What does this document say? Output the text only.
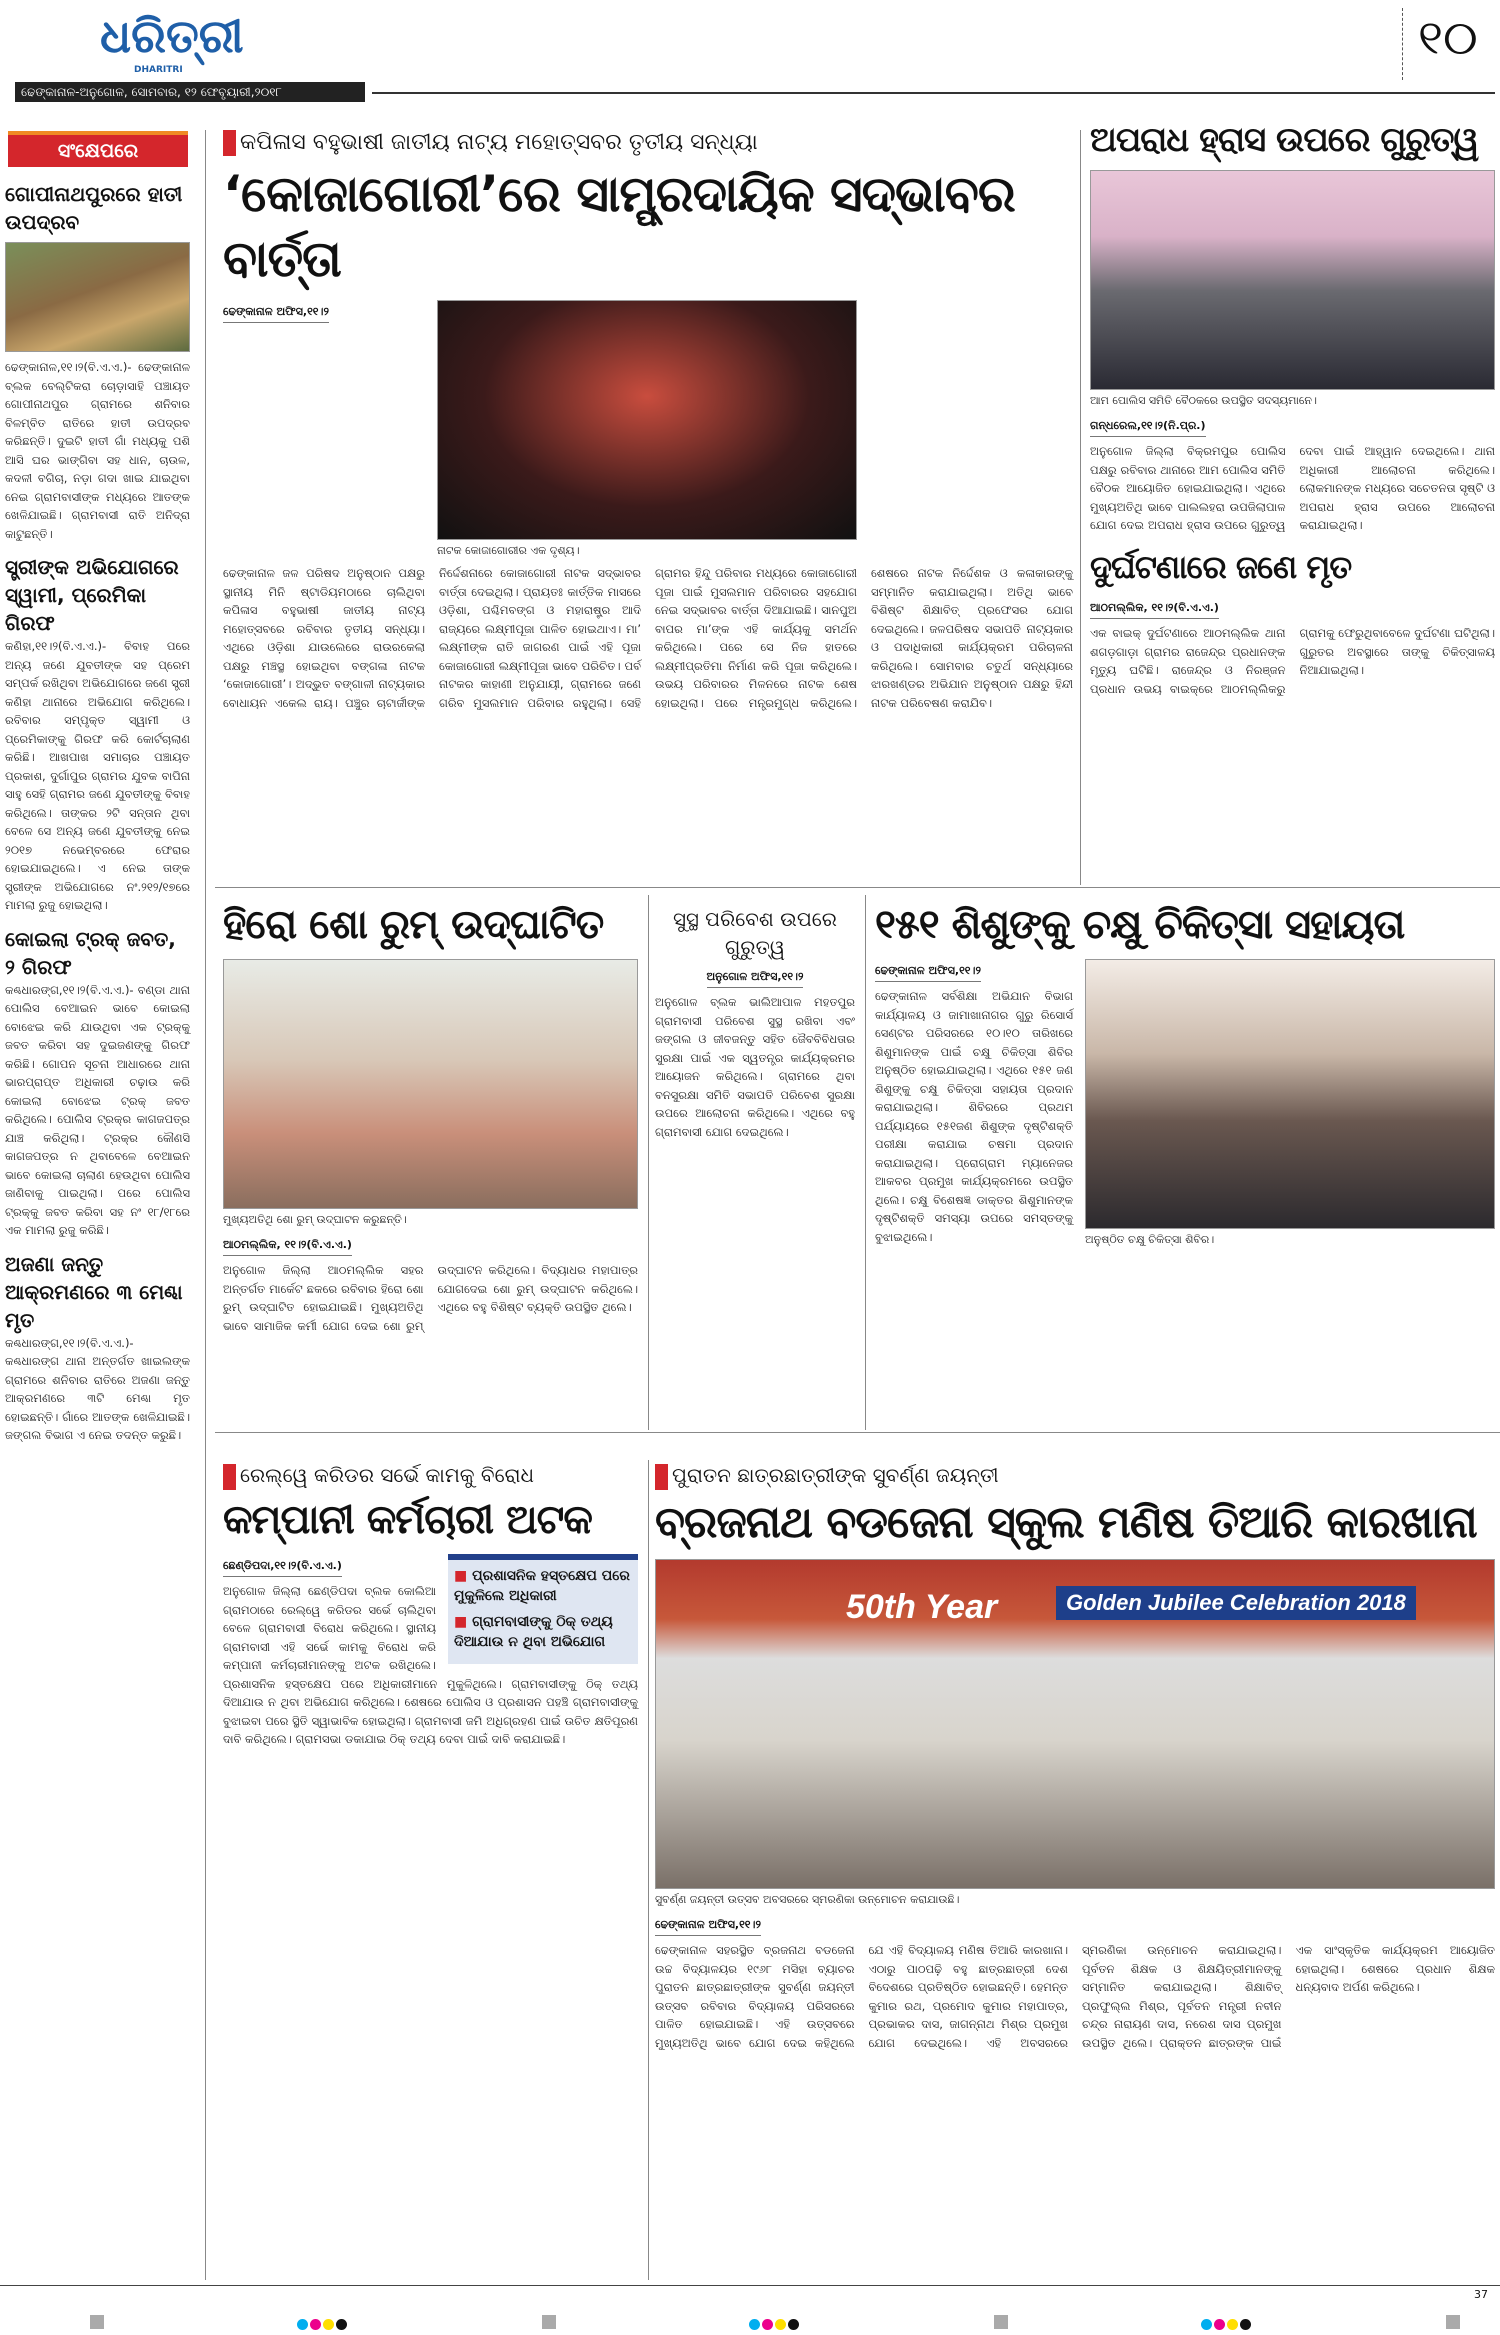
ଧରିତ୍ରୀ
DHARITRI
ଢେଙ୍କାନାଳ-ଅନୁଗୋଳ, ସୋମବାର, ୧୨ ଫେବୃୟାରୀ,୨୦୧୮
୧୦
ସଂକ୍ଷେପରେ
ଗୋପୀନାଥପୁରରେ ହାତୀ ଉପଦ୍ରବ
ଢେଙ୍କାନାଳ,୧୧।୨(ବି.ଏ.ଏ.)- ଢେଙ୍କାନାଳ ବ୍ଲକ ବେଲ୍‌ଟିକରା ଚୋଡ଼ାସାହି ପଞ୍ଚାୟତ ଗୋପୀନାଥପୁର ଗ୍ରାମରେ ଶନିବାର ବିଳମ୍ବିତ ରାତିରେ ହାତୀ ଉପଦ୍ରବ କରିଛନ୍ତି। ଦୁଇଟି ହାତୀ ଗାଁ ମଧ୍ୟକୁ ପଶି ଆସି ଘର ଭାଙ୍ଗିବା ସହ ଧାନ, ଚାଉଳ, କଦଳୀ ବଗିଚା, ନଡ଼ା ଗଦା ଖାଇ ଯାଇଥିବା ନେଇ ଗ୍ରାମବାସୀଙ୍କ ମଧ୍ୟରେ ଆତଙ୍କ ଖେଳିଯାଇଛି। ଗ୍ରାମବାସୀ ରାତି ଅନିଦ୍ରା କାଟୁଛନ୍ତି।
ସ୍ତ୍ରୀଙ୍କ ଅଭିଯୋଗରେ ସ୍ୱାମୀ, ପ୍ରେମିକା ଗିରଫ
କଣିହା,୧୧।୨(ବି.ଏ.ଏ.)- ବିବାହ ପରେ ଅନ୍ୟ ଜଣେ ଯୁବତୀଙ୍କ ସହ ପ୍ରେମ ସମ୍ପର୍କ ରଖିଥିବା ଅଭିଯୋଗରେ ଜଣେ ସ୍ତ୍ରୀ କଣିହା ଥାନାରେ ଅଭିଯୋଗ କରିଥିଲେ। ରବିବାର ସମ୍ପୃକ୍ତ ସ୍ୱାମୀ ଓ ପ୍ରେମିକାଙ୍କୁ ଗିରଫ କରି କୋର୍ଟଚାଲାଣ କରିଛି। ଆଖପାଖ ସମାଚାର ପଞ୍ଚାୟତ ପ୍ରକାଶ, ଦୁର୍ଗାପୁର ଗ୍ରାମର ଯୁବକ ବାପିନା ସାହୁ ସେହି ଗ୍ରାମର ଜଣେ ଯୁବତୀଙ୍କୁ ବିବାହ କରିଥିଲେ। ତାଙ୍କର ୨ଟି ସନ୍ତାନ ଥିବା ବେଳେ ସେ ଅନ୍ୟ ଜଣେ ଯୁବତୀଙ୍କୁ ନେଇ ୨୦୧୭ ନଭେମ୍ବରରେ ଫେରାର ହୋଇଯାଇଥିଲେ। ଏ ନେଇ ତାଙ୍କ ସ୍ତ୍ରୀଙ୍କ ଅଭିଯୋଗରେ ନଂ.୨୧୨/୧୭ରେ ମାମଲା ରୁଜୁ ହୋଇଥିଲା।
କୋଇଲା ଟ୍ରକ୍ ଜବତ, ୨ ଗିରଫ
କଣ୍ଢଧାରଙ୍ଗ,୧୧।୨(ବି.ଏ.ଏ.)- ବଣ୍ଡା ଥାନା ପୋଲିସ ବେଆଇନ ଭାବେ କୋଇଲା ବୋଝେଇ କରି ଯାଉଥିବା ଏକ ଟ୍ରକ୍‌କୁ ଜବତ କରିବା ସହ ଦୁଇଜଣଙ୍କୁ ଗିରଫ କରିଛି। ଗୋପନ ସୂଚନା ଆଧାରରେ ଥାନା ଭାରପ୍ରାପ୍ତ ଅଧିକାରୀ ଚଢ଼ାଉ କରି କୋଇଲା ବୋଝେଇ ଟ୍ରକ୍ ଜବତ କରିଥିଲେ। ପୋଲିସ ଟ୍ରକ୍‌ର କାଗଜପତ୍ର ଯାଞ୍ଚ କରିଥିଲା। ଟ୍ରକ୍‌ର କୌଣସି କାଗଜପତ୍ର ନ ଥିବାବେଳେ ବେଆଇନ ଭାବେ କୋଇଲା ଚାଲାଣ ହେଉଥିବା ପୋଲିସ ଜାଣିବାକୁ ପାଇଥିଲା। ପରେ ପୋଲିସ ଟ୍ରକ୍‌କୁ ଜବତ କରିବା ସହ ନଂ ୧୮/୧୮ରେ ଏକ ମାମଲା ରୁଜୁ କରିଛି।
ଅଜଣା ଜନ୍ତୁ ଆକ୍ରମଣରେ ୩ ମେଣ୍ଢା ମୃତ
କଣ୍ଢଧାରଙ୍ଗ,୧୧।୨(ବି.ଏ.ଏ.)- କଣ୍ଢଧାରଙ୍ଗ ଥାନା ଅନ୍ତର୍ଗତ ଖାଇଲଙ୍କ ଗ୍ରାମରେ ଶନିବାର ରାତିରେ ଅଜଣା ଜନ୍ତୁ ଆକ୍ରମଣରେ ୩ଟି ମେଣ୍ଢା ମୃତ ହୋଇଛନ୍ତି। ଗାଁରେ ଆତଙ୍କ ଖେଳିଯାଇଛି। ଜଙ୍ଗଲ ବିଭାଗ ଏ ନେଇ ତଦନ୍ତ କରୁଛି।
କପିଳାସ ବହୁଭାଷୀ ଜାତୀୟ ନାଟ୍ୟ ମହୋତ୍ସବର ତୃତୀୟ ସନ୍ଧ୍ୟା
‘କୋଜାଗୋରୀ’ରେ ସାମ୍ପ୍ରଦାୟିକ ସଦ୍‌ଭାବର ବାର୍ତ୍ତା
ଢେଙ୍କାନାଳ ଅଫିସ,୧୧।୨
ନାଟକ କୋଜାଗୋରୀର ଏକ ଦୃଶ୍ୟ।
ଢେଙ୍କାନାଳ ଜଳ ପରିଷଦ ଅନୁଷ୍ଠାନ ପକ୍ଷରୁ ସ୍ଥାନୀୟ ମିନି ଷ୍ଟାଡିୟମଠାରେ ଚାଲିଥିବା କପିଳାସ ବହୁଭାଷୀ ଜାତୀୟ ନାଟ୍ୟ ମହୋତ୍ସବରେ ରବିବାର ତୃତୀୟ ସନ୍ଧ୍ୟା। ଏଥିରେ ଓଡ଼ିଶା ଯାଉଲେରେ ରାଉରକେଲା ପକ୍ଷରୁ ମଞ୍ଚସ୍ଥ ହୋଇଥିବା ବଙ୍ଗଳା ନାଟକ ‘କୋଜାଗୋରୀ’। ଅଦ୍ଭୁତ ବଙ୍ଗାଳୀ ନାଟ୍ୟକାର ବୋଧାୟନ ଏକେଲ ରାୟ। ପଞ୍ଚୁର ଚାଟାର୍ଜୀଙ୍କ ନିର୍ଦ୍ଦେଶନାରେ କୋଜାଗୋରୀ ନାଟକ ସଦ୍‌ଭାବର ବାର୍ତ୍ତା ଦେଇଥିଲା। ପ୍ରାୟତଃ କାର୍ତ୍ତିକ ମାସରେ ଓଡ଼ିଶା, ପଶ୍ଚିମବଙ୍ଗ ଓ ମହାରାଷ୍ଟ୍ର ଆଦି ରାଜ୍ୟରେ ଲକ୍ଷ୍ମୀପୂଜା ପାଳିତ ହୋଇଥାଏ। ମା’ ଲକ୍ଷ୍ମୀଙ୍କ ରାତି ଜାଗରଣ ପାଇଁ ଏହି ପୂଜା କୋଜାଗୋରୀ ଲକ୍ଷ୍ମୀପୂଜା ଭାବେ ପରିଚିତ। ପର୍ବ ନାଟକର କାହାଣୀ ଅନୁଯାୟୀ, ଗ୍ରାମରେ ଜଣେ ଗରିବ ମୁସଲମାନ ପରିବାର ରହୁଥିଲା। ସେହି ଗ୍ରାମର ହିନ୍ଦୁ ପରିବାର ମଧ୍ୟରେ କୋଜାଗୋରୀ ପୂଜା ପାଇଁ ମୁସଲମାନ ପରିବାରର ସହଯୋଗ ନେଇ ସଦ୍‌ଭାବର ବାର୍ତ୍ତା ଦିଆଯାଇଛି। ସାନପୁଅ ବାପର ମା’ଙ୍କ ଏହି କାର୍ଯ୍ୟକୁ ସମର୍ଥନ କରିଥିଲେ। ପରେ ସେ ନିଜ ହାତରେ ଲକ୍ଷ୍ମୀପ୍ରତିମା ନିର୍ମାଣ କରି ପୂଜା କରିଥିଲେ। ଉଭୟ ପରିବାରର ମିଳନରେ ନାଟକ ଶେଷ ହୋଇଥିଲା। ପରେ ମନ୍ତ୍ରମୁଗ୍ଧ କରିଥିଲେ। ଶେଷରେ ନାଟକ ନିର୍ଦ୍ଦେଶକ ଓ କଳାକାରଙ୍କୁ ସମ୍ମାନିତ କରାଯାଇଥିଲା। ଅତିଥି ଭାବେ ବିଶିଷ୍ଟ ଶିକ୍ଷାବିତ୍ ପ୍ରଫେସର ଯୋଗ ଦେଇଥିଲେ। ଜଳପରିଷଦ ସଭାପତି ନାଟ୍ୟକାର ଓ ପଦାଧିକାରୀ କାର୍ଯ୍ୟକ୍ରମ ପରିଚାଳନା କରିଥିଲେ। ସୋମବାର ଚତୁର୍ଥ ସନ୍ଧ୍ୟାରେ ଝାରଖଣ୍ଡର ଅଭିଯାନ ଅନୁଷ୍ଠାନ ପକ୍ଷରୁ ହିନ୍ଦୀ ନାଟକ ପରିବେଷଣ କରାଯିବ।
ଅପରାଧ ହ୍ରାସ ଉପରେ ଗୁରୁତ୍ୱ
ଆମ ପୋଲିସ ସମିତି ବୈଠକରେ ଉପସ୍ଥିତ ସଦସ୍ୟମାନେ।
ଗନ୍ଧରେଲ,୧୧।୨(ନି.ପ୍ର.)
ଅନୁଗୋଳ ଜିଲ୍ଲା ବିକ୍ରମପୁର ପୋଲିସ ପକ୍ଷରୁ ରବିବାର ଥାନାରେ ଆମ ପୋଲିସ ସମିତି ବୈଠକ ଆୟୋଜିତ ହୋଇଯାଇଥିଲା। ଏଥିରେ ମୁଖ୍ୟଅତିଥି ଭାବେ ପାଲଲହରା ଉପଜିଲାପାଳ ଯୋଗ ଦେଇ ଅପରାଧ ହ୍ରାସ ଉପରେ ଗୁରୁତ୍ୱ ଦେବା ପାଇଁ ଆହ୍ୱାନ ଦେଇଥିଲେ। ଥାନା ଅଧିକାରୀ ଆଲୋଚନା କରିଥିଲେ। ଲୋକମାନଙ୍କ ମଧ୍ୟରେ ସଚେତନତା ସୃଷ୍ଟି ଓ ଅପରାଧ ହ୍ରାସ ଉପରେ ଆଲୋଚନା କରାଯାଇଥିଲା।
ଦୁର୍ଘଟଣାରେ ଜଣେ ମୃତ
ଆଠମଲ୍ଲିକ, ୧୧।୨(ବି.ଏ.ଏ.)
ଏକ ବାଇକ୍ ଦୁର୍ଘଟଣାରେ ଆଠମଲ୍ଲିକ ଥାନା ଶଗଡ଼ଗାଡ଼ା ଗ୍ରାମର ରାଜେନ୍ଦ୍ର ପ୍ରଧାନଙ୍କ ମୃତ୍ୟୁ ଘଟିଛି। ରାଜେନ୍ଦ୍ର ଓ ନିରଞ୍ଜନ ପ୍ରଧାନ ଉଭୟ ବାଇକ୍‌ରେ ଆଠମଲ୍ଲିକରୁ ଗ୍ରାମକୁ ଫେରୁଥିବାବେଳେ ଦୁର୍ଘଟଣା ଘଟିଥିଲା। ଗୁରୁତର ଅବସ୍ଥାରେ ତାଙ୍କୁ ଚିକିତ୍ସାଳୟ ନିଆଯାଇଥିଲା।
ହିରୋ ଶୋ ରୁମ୍ ଉଦ୍‌ଘାଟିତ
ମୁଖ୍ୟଅତିଥି ଶୋ ରୁମ୍ ଉଦ୍‌ଘାଟନ କରୁଛନ୍ତି।
ଆଠମଲ୍ଲିକ, ୧୧।୨(ବି.ଏ.ଏ.)
ଅନୁଗୋଳ ଜିଲ୍ଲା ଆଠମଲ୍ଲିକ ସହର ଅନ୍ତର୍ଗତ ମାର୍କେଟ ଛକରେ ରବିବାର ହିରୋ ଶୋ ରୁମ୍ ଉଦ୍‌ଘାଟିତ ହୋଇଯାଇଛି। ମୁଖ୍ୟଅତିଥି ଭାବେ ସାମାଜିକ କର୍ମୀ ଯୋଗ ଦେଇ ଶୋ ରୁମ୍ ଉଦ୍‌ଘାଟନ କରିଥିଲେ। ବିଦ୍ୟାଧର ମହାପାତ୍ର ଯୋଗଦେଇ ଶୋ ରୁମ୍ ଉଦ୍‌ଘାଟନ କରିଥିଲେ। ଏଥିରେ ବହୁ ବିଶିଷ୍ଟ ବ୍ୟକ୍ତି ଉପସ୍ଥିତ ଥିଲେ।
ସୁସ୍ଥ ପରିବେଶ ଉପରେ ଗୁରୁତ୍ୱ
ଅନୁଗୋଳ ଅଫିସ,୧୧।୨
ଅନୁଗୋଳ ବ୍ଲକ ଭାଲିଆପାଳ ମହତପୁର ଗ୍ରାମବାସୀ ପରିବେଶ ସୁସ୍ଥ ରଖିବା ଏବଂ ଜଙ୍ଗଲ ଓ ଜୀବଜନ୍ତୁ ସହିତ ଜୈବବିବିଧତାର ସୁରକ୍ଷା ପାଇଁ ଏକ ସ୍ୱତନ୍ତ୍ର କାର୍ଯ୍ୟକ୍ରମର ଆୟୋଜନ କରିଥିଲେ। ଗ୍ରାମରେ ଥିବା ବନସୁରକ୍ଷା ସମିତି ସଭାପତି ପରିବେଶ ସୁରକ୍ଷା ଉପରେ ଆଲୋଚନା କରିଥିଲେ। ଏଥିରେ ବହୁ ଗ୍ରାମବାସୀ ଯୋଗ ଦେଇଥିଲେ।
୧୫୧ ଶିଶୁଙ୍କୁ ଚକ୍ଷୁ ଚିକିତ୍ସା ସହାୟତା
ଢେଙ୍କାନାଳ ଅଫିସ,୧୧।୨
ଢେଙ୍କାନାଳ ସର୍ବଶିକ୍ଷା ଅଭିଯାନ ବିଭାଗ କାର୍ଯ୍ୟାଳୟ ଓ ଜାମାଖାନାଗର ଗୁରୁ ରିସୋର୍ସ ସେଣ୍ଟର ପରିସରରେ ୧୦।୧୦ ତାରିଖରେ ଶିଶୁମାନଙ୍କ ପାଇଁ ଚକ୍ଷୁ ଚିକିତ୍ସା ଶିବିର ଅନୁଷ୍ଠିତ ହୋଇଯାଇଥିଲା। ଏଥିରେ ୧୫୧ ଜଣ ଶିଶୁଙ୍କୁ ଚକ୍ଷୁ ଚିକିତ୍ସା ସହାୟତା ପ୍ରଦାନ କରାଯାଇଥିଲା। ଶିବିରରେ ପ୍ରଥମ ପର୍ଯ୍ୟାୟରେ ୧୫୧ଜଣ ଶିଶୁଙ୍କ ଦୃଷ୍ଟିଶକ୍ତି ପରୀକ୍ଷା କରାଯାଇ ଚଷମା ପ୍ରଦାନ କରାଯାଇଥିଲା। ପ୍ରୋଗ୍ରାମ ମ୍ୟାନେଜର ଆକବର ପ୍ରମୁଖ କାର୍ଯ୍ୟକ୍ରମରେ ଉପସ୍ଥିତ ଥିଲେ। ଚକ୍ଷୁ ବିଶେଷଜ୍ଞ ଡାକ୍ତର ଶିଶୁମାନଙ୍କ ଦୃଷ୍ଟିଶକ୍ତି ସମସ୍ୟା ଉପରେ ସମସ୍ତଙ୍କୁ ବୁଝାଇଥିଲେ।	ଅନୁଷ୍ଠିତ ଚକ୍ଷୁ ଚିକିତ୍ସା ଶିବିର।
ରେଲ୍‌ୱେ କରିଡର ସର୍ଭେ କାମକୁ ବିରୋଧ
କମ୍ପାନୀ କର୍ମଚାରୀ ଅଟକ
ଛେଣ୍ଡିପଦା,୧୧।୨(ବି.ଏ.ଏ.)

■ ପ୍ରଶାସନିକ ହସ୍ତକ୍ଷେପ ପରେ ମୁକୁଳିଲେ ଅଧିକାରୀ

■ ଗ୍ରାମବାସୀଙ୍କୁ ଠିକ୍ ତଥ୍ୟ ଦିଆଯାଉ ନ ଥିବା ଅଭିଯୋଗ

ଅନୁଗୋଳ ଜିଲ୍ଲା ଛେଣ୍ଡିପଦା ବ୍ଲକ କୋଲିଆ ଗ୍ରାମଠାରେ ରେଲ୍‌ୱେ କରିଡର ସର୍ଭେ ଚାଲିଥିବା ବେଳେ ଗ୍ରାମବାସୀ ବିରୋଧ କରିଥିଲେ। ସ୍ଥାନୀୟ ଗ୍ରାମବାସୀ ଏହି ସର୍ଭେ କାମକୁ ବିରୋଧ କରି କମ୍ପାନୀ କର୍ମଚାରୀମାନଙ୍କୁ ଅଟକ ରଖିଥିଲେ। ପ୍ରଶାସନିକ ହସ୍ତକ୍ଷେପ ପରେ ଅଧିକାରୀମାନେ ମୁକୁଳିଥିଲେ। ଗ୍ରାମବାସୀଙ୍କୁ ଠିକ୍ ତଥ୍ୟ ଦିଆଯାଉ ନ ଥିବା ଅଭିଯୋଗ କରିଥିଲେ। ଶେଷରେ ପୋଲିସ ଓ ପ୍ରଶାସନ ପହଞ୍ଚି ଗ୍ରାମବାସୀଙ୍କୁ ବୁଝାଇବା ପରେ ସ୍ଥିତି ସ୍ୱାଭାବିକ ହୋଇଥିଲା। ଗ୍ରାମବାସୀ ଜମି ଅଧିଗ୍ରହଣ ପାଇଁ ଉଚିତ କ୍ଷତିପୂରଣ ଦାବି କରିଥିଲେ। ଗ୍ରାମସଭା ଡକାଯାଇ ଠିକ୍ ତଥ୍ୟ ଦେବା ପାଇଁ ଦାବି କରାଯାଇଛି।
ପୁରାତନ ଛାତ୍ରଛାତ୍ରୀଙ୍କ ସୁବର୍ଣ୍ଣ ଜୟନ୍ତୀ
ବ୍ରଜନାଥ ବଡଜେନା ସ୍କୁଲ ମଣିଷ ତିଆରି କାରଖାନା
50th Year	Golden Jubilee Celebration 2018
ସୁବର୍ଣ୍ଣ ଜୟନ୍ତୀ ଉତ୍ସବ ଅବସରରେ ସ୍ମରଣିକା ଉନ୍ମୋଚନ କରାଯାଉଛି।
ଢେଙ୍କାନାଳ ଅଫିସ,୧୧।୨
ଢେଙ୍କାନାଳ ସହରସ୍ଥିତ ବ୍ରଜନାଥ ବଡଜେନା ଉଚ୍ଚ ବିଦ୍ୟାଳୟର ୧୯୬୮ ମସିହା ବ୍ୟାଚର ପୁରାତନ ଛାତ୍ରଛାତ୍ରୀଙ୍କ ସୁବର୍ଣ୍ଣ ଜୟନ୍ତୀ ଉତ୍ସବ ରବିବାର ବିଦ୍ୟାଳୟ ପରିସରରେ ପାଳିତ ହୋଇଯାଇଛି। ଏହି ଉତ୍ସବରେ ମୁଖ୍ୟଅତିଥି ଭାବେ ଯୋଗ ଦେଇ କହିଥିଲେ ଯେ ଏହି ବିଦ୍ୟାଳୟ ମଣିଷ ତିଆରି କାରଖାନା। ଏଠାରୁ ପାଠପଢ଼ି ବହୁ ଛାତ୍ରଛାତ୍ରୀ ଦେଶ ବିଦେଶରେ ପ୍ରତିଷ୍ଠିତ ହୋଇଛନ୍ତି। ହେମନ୍ତ କୁମାର ରଥ, ପ୍ରମୋଦ କୁମାର ମହାପାତ୍ର, ପ୍ରଭାକର ଦାସ, ଜାଗନ୍ନାଥ ମିଶ୍ର ପ୍ରମୁଖ ଯୋଗ ଦେଇଥିଲେ। ଏହି ଅବସରରେ ସ୍ମରଣିକା ଉନ୍ମୋଚନ କରାଯାଇଥିଲା। ପୂର୍ବତନ ଶିକ୍ଷକ ଓ ଶିକ୍ଷୟିତ୍ରୀମାନଙ୍କୁ ସମ୍ମାନିତ କରାଯାଇଥିଲା। ଶିକ୍ଷାବିତ୍ ପ୍ରଫୁଲ୍ଲ ମିଶ୍ର, ପୂର୍ବତନ ମନ୍ତ୍ରୀ ନବୀନ ଚନ୍ଦ୍ର ନାରାୟଣ ଦାସ, ନରେଶ ଦାସ ପ୍ରମୁଖ ଉପସ୍ଥିତ ଥିଲେ। ପ୍ରାକ୍ତନ ଛାତ୍ରଙ୍କ ପାଇଁ ଏକ ସାଂସ୍କୃତିକ କାର୍ଯ୍ୟକ୍ରମ ଆୟୋଜିତ ହୋଇଥିଲା। ଶେଷରେ ପ୍ରଧାନ ଶିକ୍ଷକ ଧନ୍ୟବାଦ ଅର୍ପଣ କରିଥିଲେ।
37
